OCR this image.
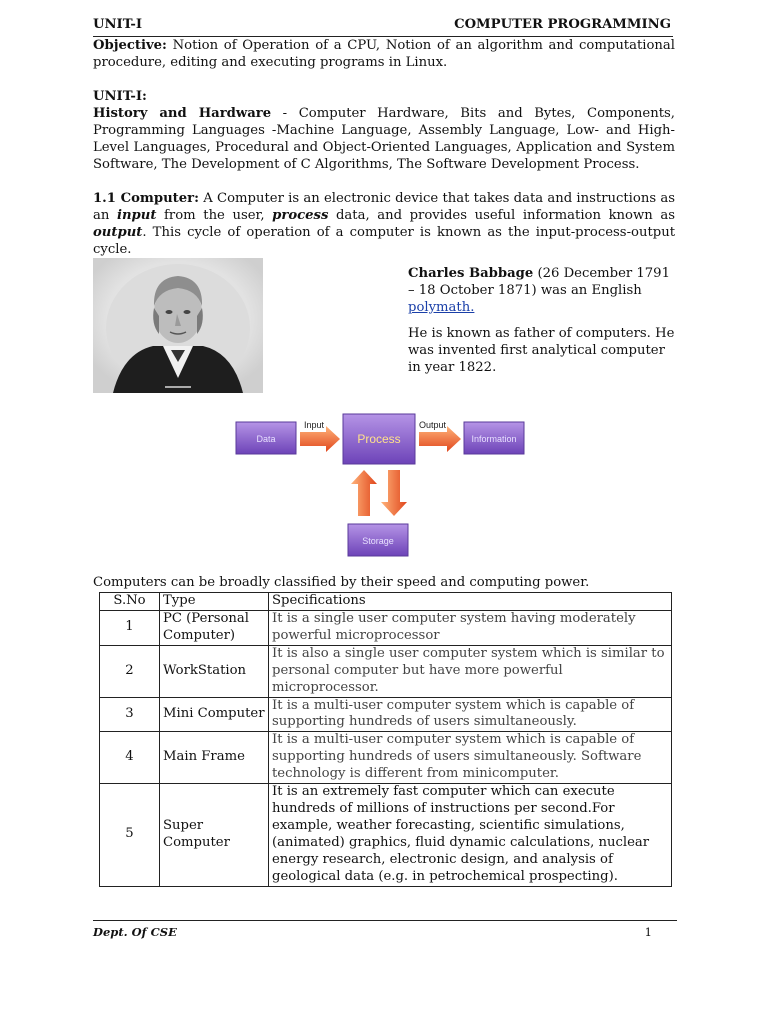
UNIT-I	COMPUTER PROGRAMMING

Objective: Notion of Operation of a CPU, Notion of an algorithm and computational procedure, editing and executing programs in Linux.

UNIT-I:

History and Hardware - Computer Hardware, Bits and Bytes, Components, Programming Languages -Machine Language, Assembly Language, Low- and High-Level Languages, Procedural and Object-Oriented Languages, Application and System Software, The Development of C Algorithms, The Software Development Process.

1.1 Computer: A Computer is an electronic device that takes data and instructions as an input from the user, process data, and provides useful information known as output. This cycle of operation of a computer is known as the input-process-output cycle.

Charles Babbage (26 December 1791 – 18 October 1871) was an English polymath.

He is known as father of computers. He was invented first analytical computer in year 1822.

Data	Process	Information
Input	Output
Storage
Computers can be broadly classified by their speed and computing power.
S.No	Type	Specifications
1	PC (Personal Computer)	It is a single user computer system having moderately powerful microprocessor
2	WorkStation	It is also a single user computer system which is similar to personal computer but have more powerful microprocessor.
3	Mini Computer	It is a multi-user computer system which is capable of supporting hundreds of users simultaneously.
4	Main Frame	It is a multi-user computer system which is capable of supporting hundreds of users simultaneously. Software technology is different from minicomputer.
5	Super Computer	It is an extremely fast computer which can execute hundreds of millions of instructions per second.For example, weather forecasting, scientific simulations, (animated) graphics, fluid dynamic calculations, nuclear energy research, electronic design, and analysis of geological data (e.g. in petrochemical prospecting).
Dept. Of CSE	1
